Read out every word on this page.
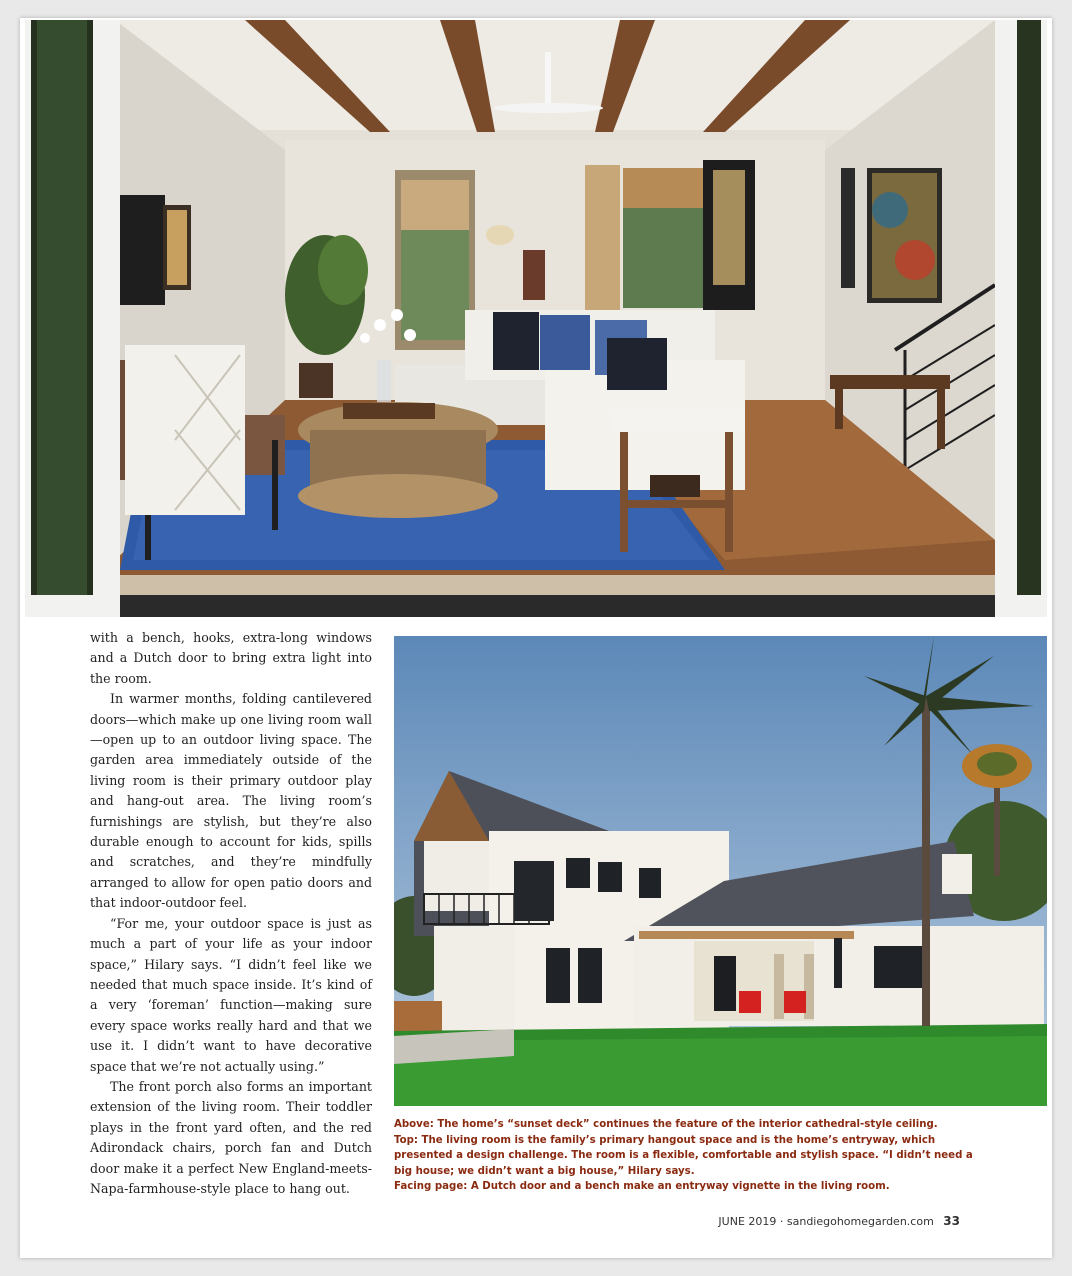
with a bench, hooks, extra-long windows and a Dutch door to bring extra light into the room.

In warmer months, folding cantilevered doors—which make up one living room wall—open up to an outdoor living space. The garden area immediately outside of the living room is their primary outdoor play and hang-out area. The living room’s furnishings are stylish, but they’re also durable enough to account for kids, spills and scratches, and they’re mindfully arranged to allow for open patio doors and that indoor-outdoor feel.

“For me, your outdoor space is just as much a part of your life as your indoor space,” Hilary says. “I didn’t feel like we needed that much space inside. It’s kind of a very ‘foreman’ function—making sure every space works really hard and that we use it. I didn’t want to have decorative space that we’re not actually using.”

The front porch also forms an important extension of the living room. Their toddler plays in the front yard often, and the red Adirondack chairs, porch fan and Dutch door make it a perfect New England-meets-Napa-farmhouse-style place to hang out.

Above: The home’s “sunset deck” continues the feature of the interior cathedral-style ceiling.

Top: The living room is the family’s primary hangout space and is the home’s entryway, which presented a design challenge. The room is a flexible, comfortable and stylish space. “I didn’t need a big house; we didn’t want a big house,” Hilary says.

Facing page: A Dutch door and a bench make an entryway vignette in the living room.

JUNE 2019 · sandiegohomegarden.com 33
